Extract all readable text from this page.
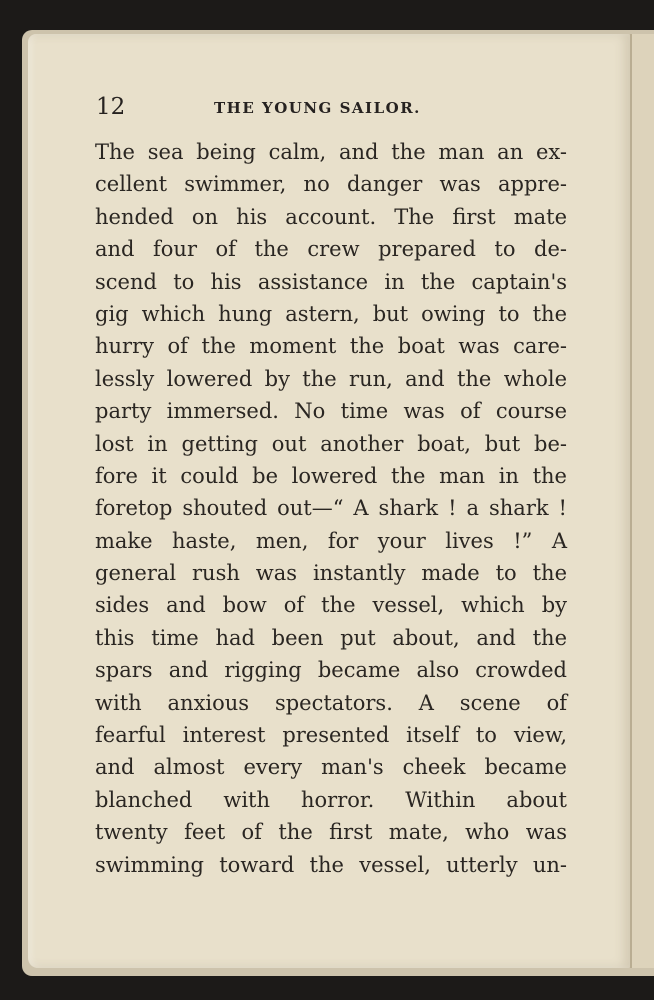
12	THE YOUNG SAILOR.
The sea being calm, and the man an ex-
cellent swimmer, no danger was appre-
hended on his account. The first mate
and four of the crew prepared to de-
scend to his assistance in the captain's
gig which hung astern, but owing to the
hurry of the moment the boat was care-
lessly lowered by the run, and the whole
party immersed. No time was of course
lost in getting out another boat, but be-
fore it could be lowered the man in the
foretop shouted out—“ A shark ! a shark !
make haste, men, for your lives !” A
general rush was instantly made to the
sides and bow of the vessel, which by
this time had been put about, and the
spars and rigging became also crowded
with anxious spectators. A scene of
fearful interest presented itself to view,
and almost every man's cheek became
blanched with horror. Within about
twenty feet of the first mate, who was
swimming toward the vessel, utterly un-
